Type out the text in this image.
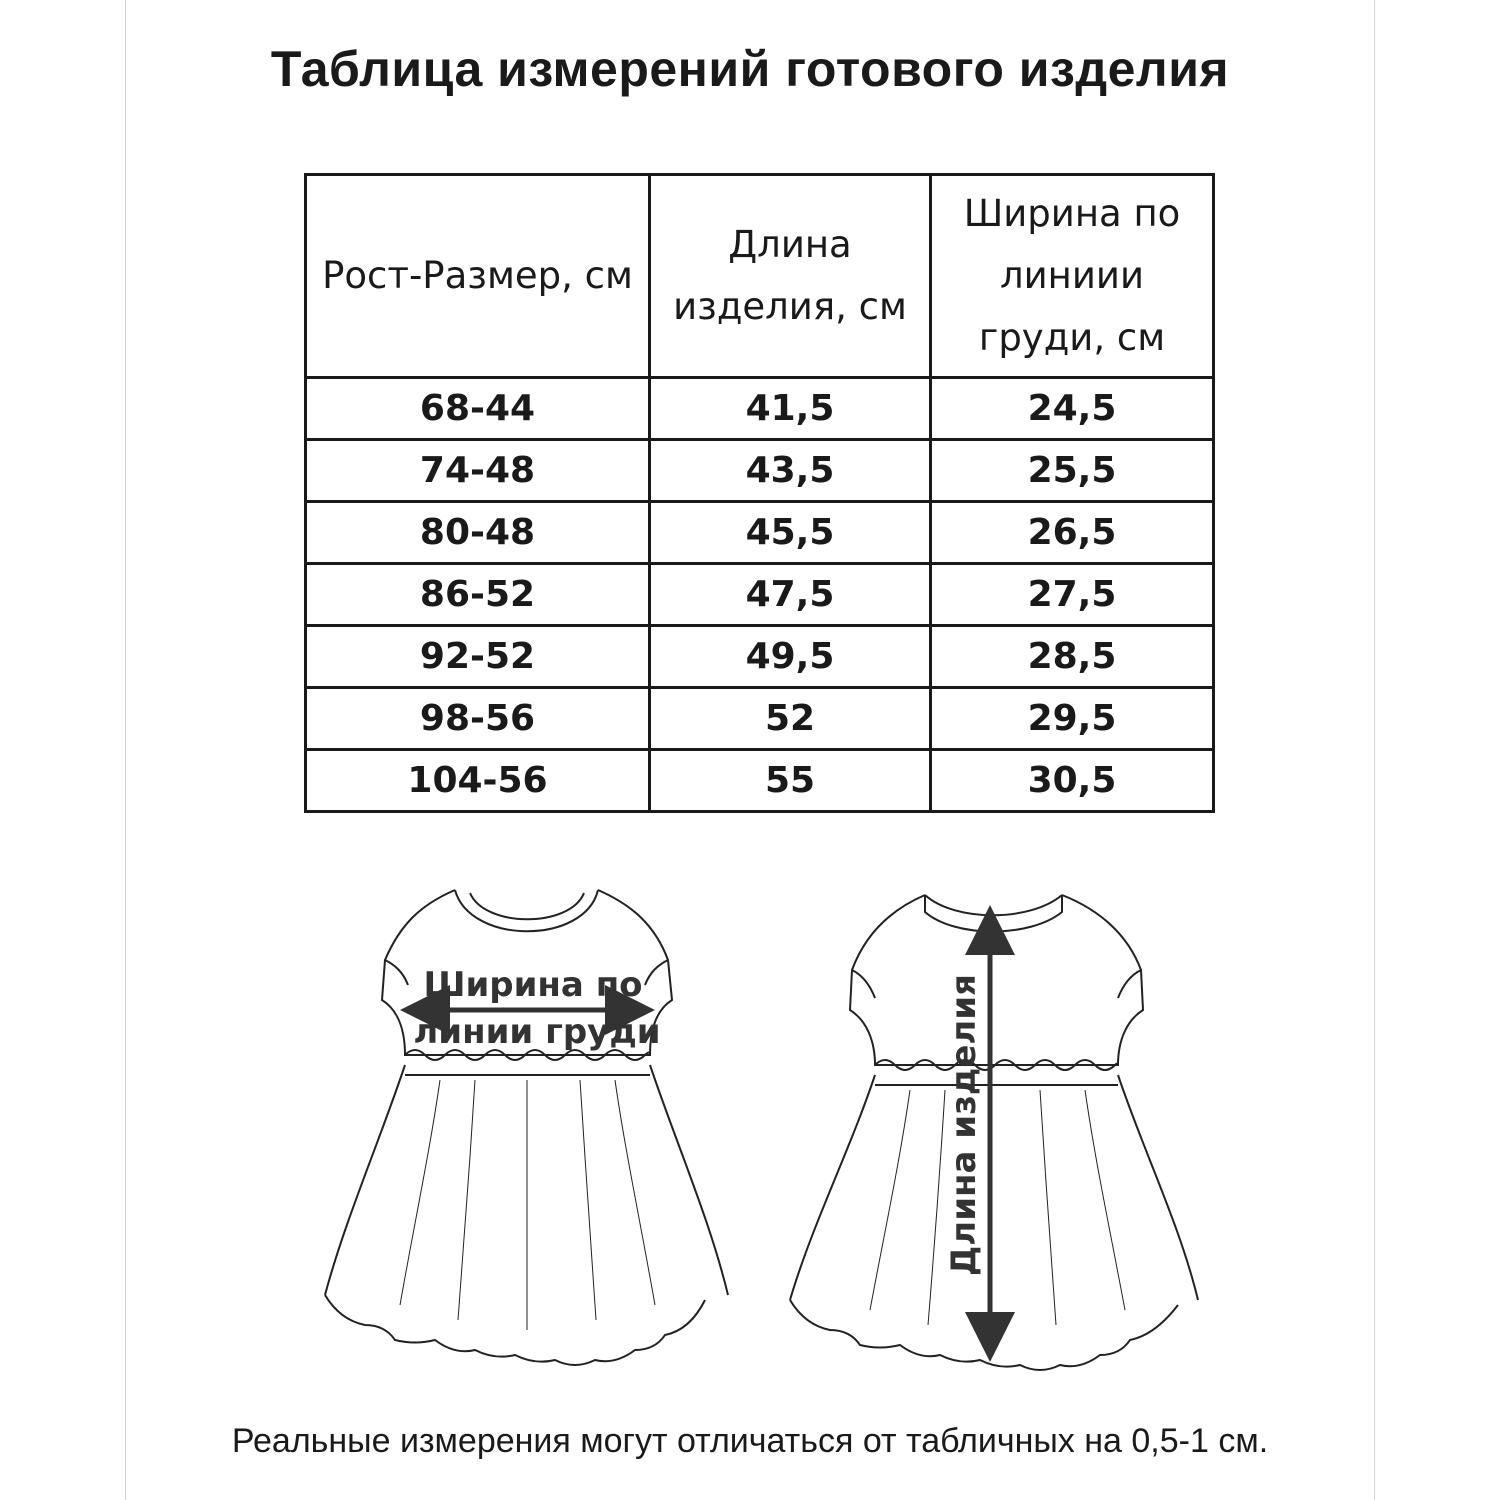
Таблица измерений готового изделия
Рост-Размер, см	Длина изделия, см	Ширина по линиии груди, см
68-44	41,5	24,5
74-48	43,5	25,5
80-48	45,5	26,5
86-52	47,5	27,5
92-52	49,5	28,5
98-56	52	29,5
104-56	55	30,5
Ширина по
линии груди	Длина изделия
Реальные измерения могут отличаться от табличных на 0,5-1 см.
